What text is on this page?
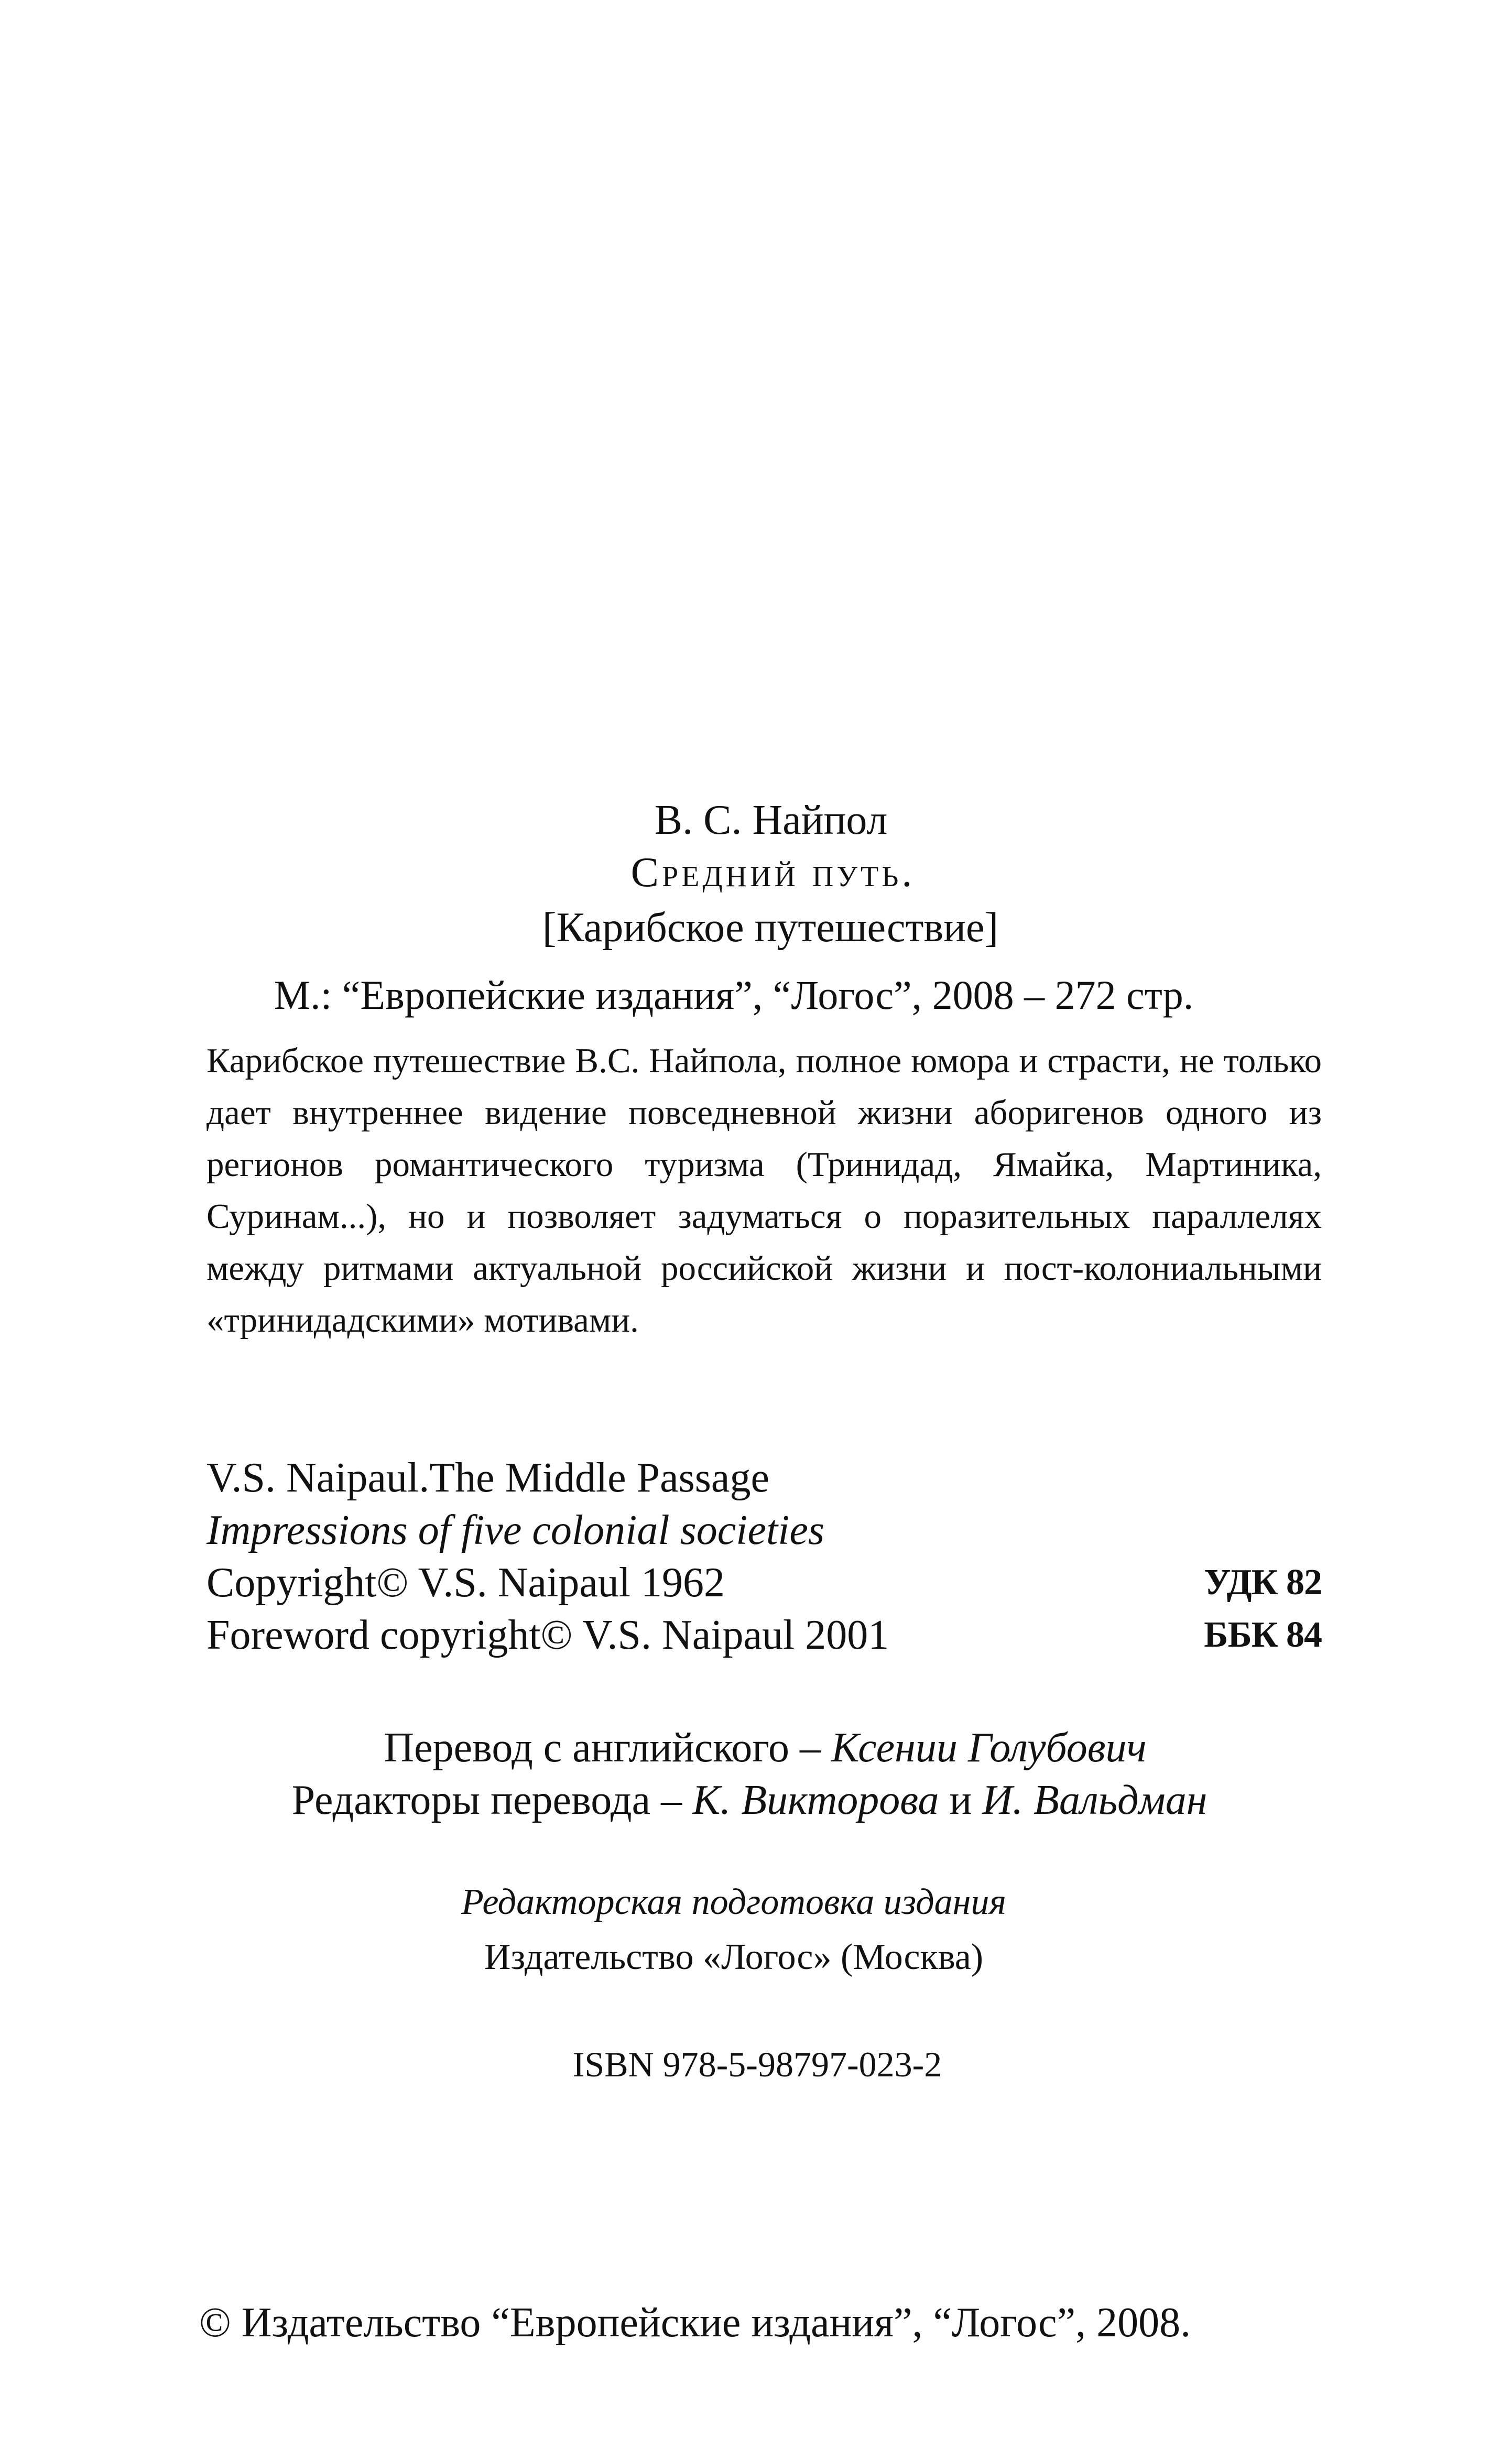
В. С. Найпол
Средний путь.
[Карибское путешествие]
М.: “Европейские издания”, “Логос”, 2008 – 272 стр.
Карибское путешествие В.С. Найпола, полное юмора и страсти, не только дает внутреннее видение повседневной жизни аборигенов одного из регионов романтического туризма (Тринидад, Ямайка, Мартиника, Суринам...), но и позволяет задуматься о поразительных параллелях между ритмами актуальной российской жизни и пост-колониальными «тринидадскими» мотивами.
V.S. Naipaul.The Middle Passage
Impressions of five colonial societies
Copyright© V.S. Naipaul 1962
Foreword copyright© V.S. Naipaul 2001
УДК 82
ББК 84
Перевод с английского – Ксении Голубович
Редакторы перевода – К. Викторова и И. Вальдман
Редакторская подготовка издания
Издательство «Логос» (Москва)
ISBN 978-5-98797-023-2
© Издательство “Европейские издания”, “Логос”, 2008.
